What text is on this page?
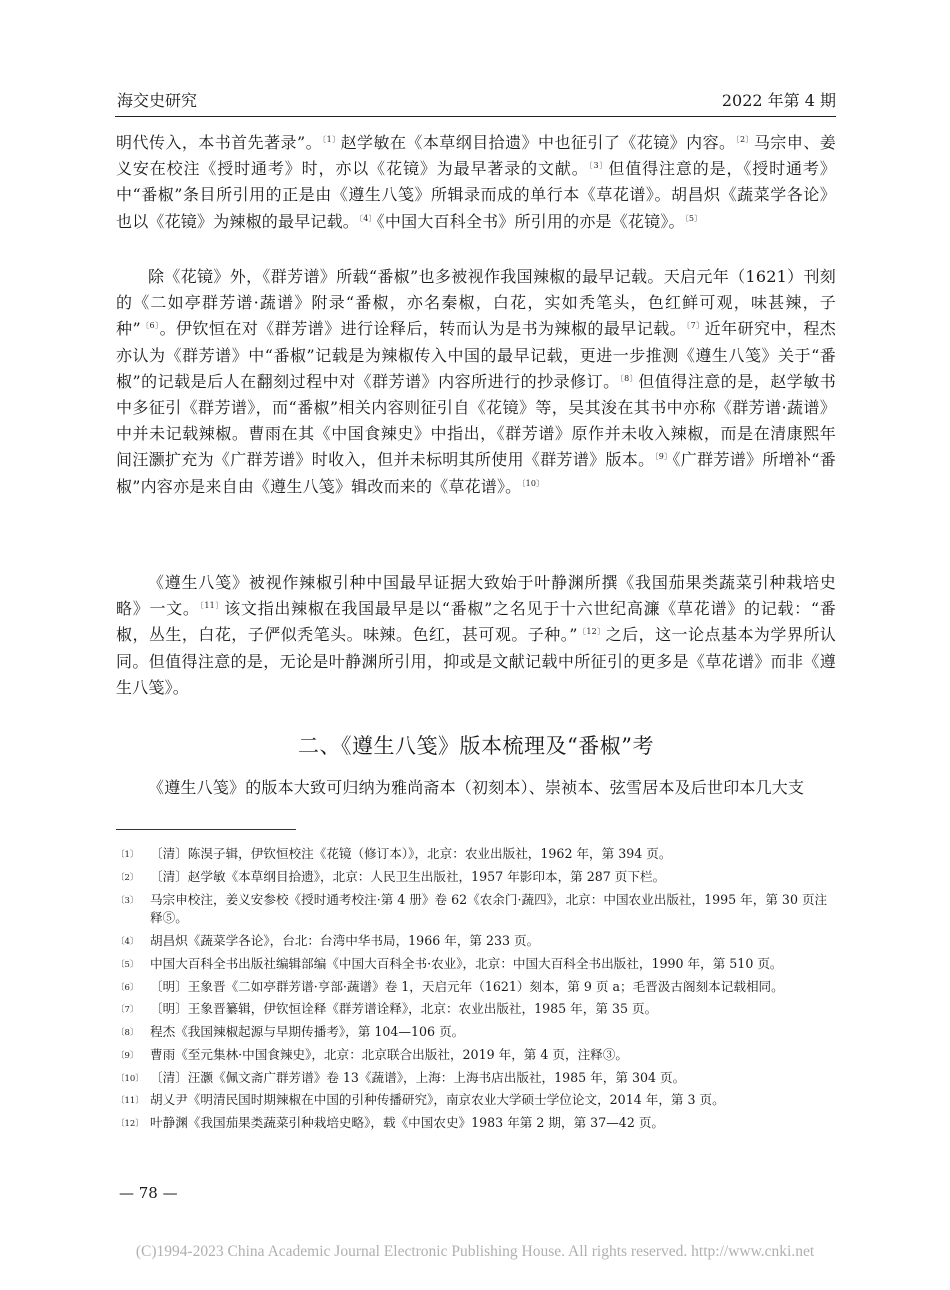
海交史研究	2022 年第 4 期

明代传入，本书首先著录”。$^{〔1〕}$赵学敏在《本草纲目拾遗》中也征引了《花镜》内容。$^{〔2〕}$马宗申、姜义安在校注《授时通考》时，亦以《花镜》为最早著录的文献。$^{〔3〕}$但值得注意的是，《授时通考》中“番椒”条目所引用的正是由《遵生八笺》所辑录而成的单行本《草花谱》。胡昌炽《蔬菜学各论》也以《花镜》为辣椒的最早记载。$^{〔4〕}$《中国大百科全书》所引用的亦是《花镜》。$^{〔5〕}$

除《花镜》外，《群芳谱》所载“番椒”也多被视作我国辣椒的最早记载。天启元年（1621）刊刻的《二如亭群芳谱·蔬谱》附录“番椒，亦名秦椒，白花，实如秃笔头，色红鲜可观，味甚辣，子种”$^{〔6〕}$。伊钦恒在对《群芳谱》进行诠释后，转而认为是书为辣椒的最早记载。$^{〔7〕}$近年研究中，程杰亦认为《群芳谱》中“番椒”记载是为辣椒传入中国的最早记载，更进一步推测《遵生八笺》关于“番椒”的记载是后人在翻刻过程中对《群芳谱》内容所进行的抄录修订。$^{〔8〕}$但值得注意的是，赵学敏书中多征引《群芳谱》，而“番椒”相关内容则征引自《花镜》等，吴其浚在其书中亦称《群芳谱·蔬谱》中并未记载辣椒。曹雨在其《中国食辣史》中指出，《群芳谱》原作并未收入辣椒，而是在清康熙年间汪灏扩充为《广群芳谱》时收入，但并未标明其所使用《群芳谱》版本。$^{〔9〕}$《广群芳谱》所增补“番椒”内容亦是来自由《遵生八笺》辑改而来的《草花谱》。$^{〔10〕}$

《遵生八笺》被视作辣椒引种中国最早证据大致始于叶静渊所撰《我国茄果类蔬菜引种栽培史略》一文。$^{〔11〕}$该文指出辣椒在我国最早是以“番椒”之名见于十六世纪高濂《草花谱》的记载：“番椒，丛生，白花，子俨似秃笔头。味辣。色红，甚可观。子种。”$^{〔12〕}$之后，这一论点基本为学界所认同。但值得注意的是，无论是叶静渊所引用，抑或是文献记载中所征引的更多是《草花谱》而非《遵生八笺》。

二、《遵生八笺》版本梳理及“番椒”考

《遵生八笺》的版本大致可归纳为雅尚斋本（初刻本）、崇祯本、弦雪居本及后世印本几大支

〔1〕 〔清〕陈淏子辑，伊钦恒校注《花镜（修订本）》，北京：农业出版社，1962 年，第 394 页。
〔2〕 〔清〕赵学敏《本草纲目拾遗》，北京：人民卫生出版社，1957 年影印本，第 287 页下栏。
〔3〕 马宗申校注，姜义安参校《授时通考校注·第 4 册》卷 62《农余门·蔬四》，北京：中国农业出版社，1995 年，第 30 页注释⑤。
〔4〕 胡昌炽《蔬菜学各论》，台北：台湾中华书局，1966 年，第 233 页。
〔5〕 中国大百科全书出版社编辑部编《中国大百科全书·农业》，北京：中国大百科全书出版社，1990 年，第 510 页。
〔6〕 〔明〕王象晋《二如亭群芳谱·亨部·蔬谱》卷 1，天启元年（1621）刻本，第 9 页 a；毛晋汲古阁刻本记载相同。
〔7〕 〔明〕王象晋纂辑，伊钦恒诠释《群芳谱诠释》，北京：农业出版社，1985 年，第 35 页。
〔8〕 程杰《我国辣椒起源与早期传播考》，第 104—106 页。
〔9〕 曹雨《至元集林·中国食辣史》，北京：北京联合出版社，2019 年，第 4 页，注释③。
〔10〕 〔清〕汪灏《佩文斋广群芳谱》卷 13《蔬谱》，上海：上海书店出版社，1985 年，第 304 页。
〔11〕 胡乂尹《明清民国时期辣椒在中国的引种传播研究》，南京农业大学硕士学位论文，2014 年，第 3 页。
〔12〕 叶静渊《我国茄果类蔬菜引种栽培史略》，载《中国农史》1983 年第 2 期，第 37—42 页。
— 78 —
(C)1994-2023 China Academic Journal Electronic Publishing House. All rights reserved. http://www.cnki.net
